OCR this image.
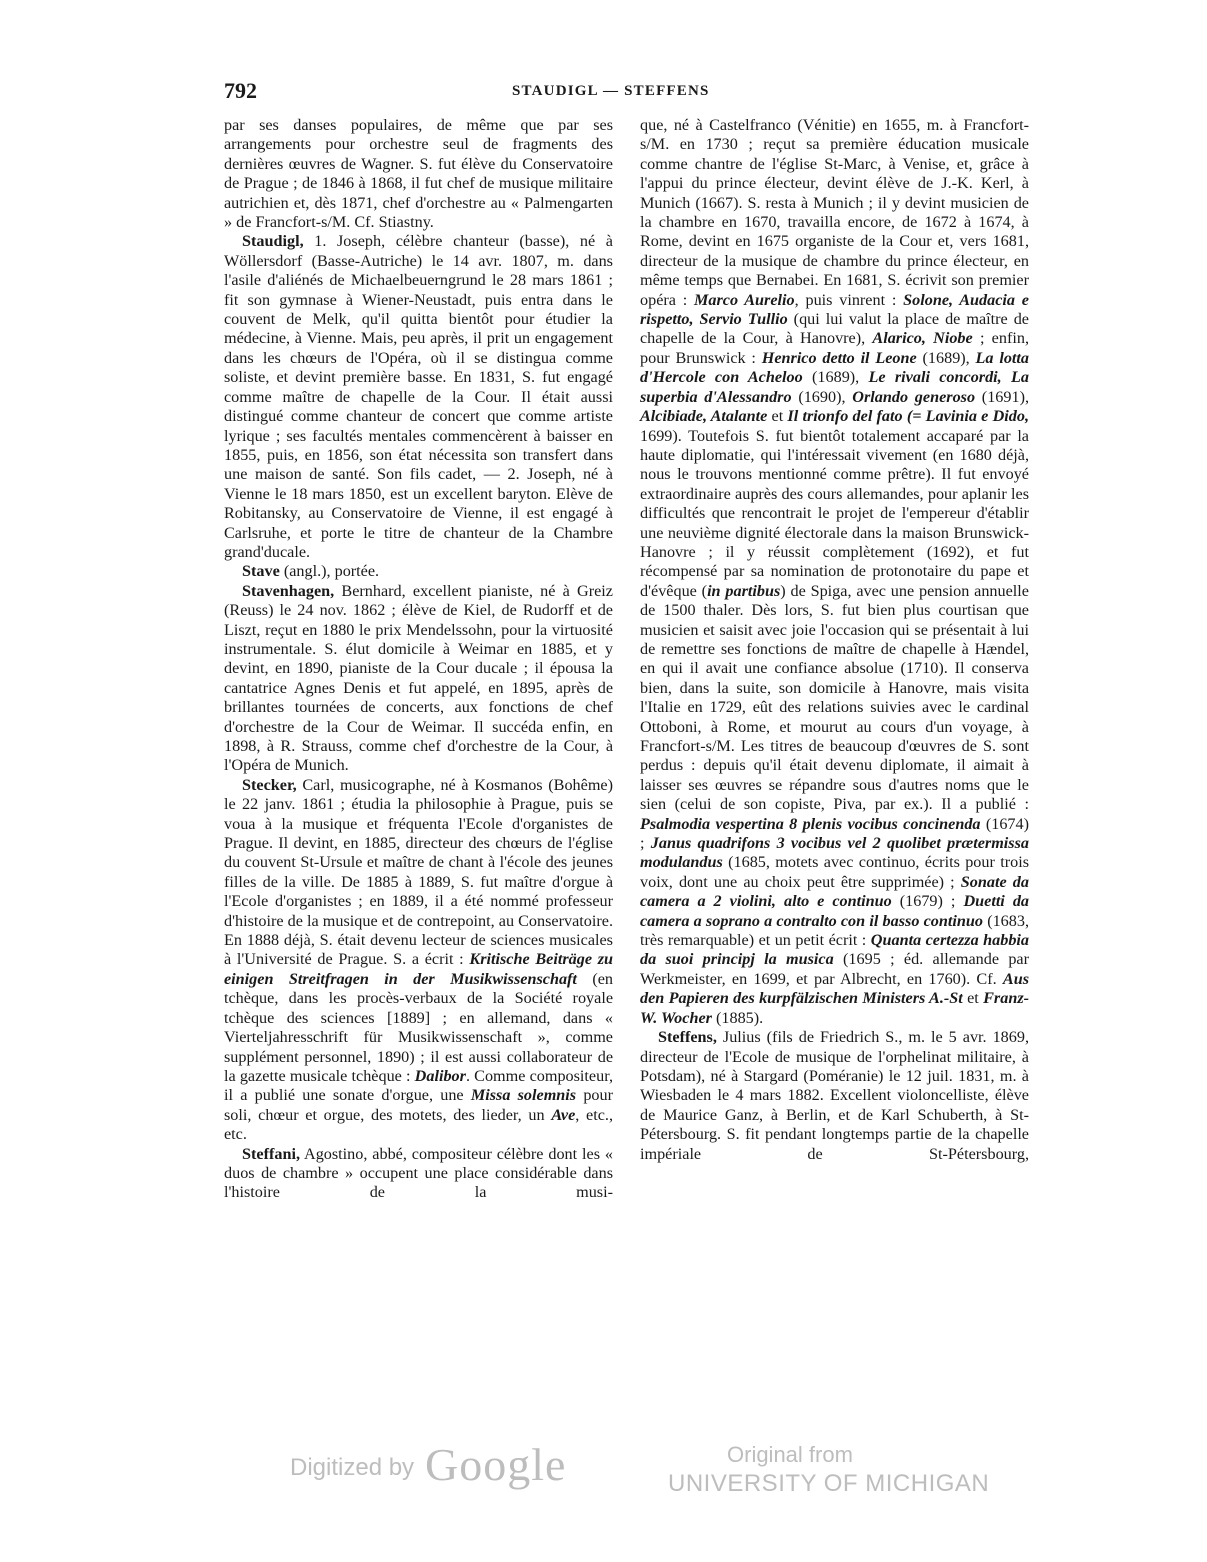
792	STAUDIGL — STEFFENS

par ses danses populaires, de même que par ses arrangements pour orchestre seul de fragments des dernières œuvres de Wagner. S. fut élève du Conservatoire de Prague ; de 1846 à 1868, il fut chef de musique militaire autrichien et, dès 1871, chef d'orchestre au « Palmengarten » de Francfort-s/M. Cf. Stiastny.

Staudigl, 1. Joseph, célèbre chanteur (basse), né à Wöllersdorf (Basse-Autriche) le 14 avr. 1807, m. dans l'asile d'aliénés de Michaelbeuerngrund le 28 mars 1861 ; fit son gymnase à Wiener-Neustadt, puis entra dans le couvent de Melk, qu'il quitta bientôt pour étudier la médecine, à Vienne. Mais, peu après, il prit un engagement dans les chœurs de l'Opéra, où il se distingua comme soliste, et devint première basse. En 1831, S. fut engagé comme maître de chapelle de la Cour. Il était aussi distingué comme chanteur de concert que comme artiste lyrique ; ses facultés mentales commencèrent à baisser en 1855, puis, en 1856, son état nécessita son transfert dans une maison de santé. Son fils cadet, — 2. Joseph, né à Vienne le 18 mars 1850, est un excellent baryton. Elève de Robitansky, au Conservatoire de Vienne, il est engagé à Carlsruhe, et porte le titre de chanteur de la Chambre grand'ducale.

Stave (angl.), portée.

Stavenhagen, Bernhard, excellent pianiste, né à Greiz (Reuss) le 24 nov. 1862 ; élève de Kiel, de Rudorff et de Liszt, reçut en 1880 le prix Mendelssohn, pour la virtuosité instrumentale. S. élut domicile à Weimar en 1885, et y devint, en 1890, pianiste de la Cour ducale ; il épousa la cantatrice Agnes Denis et fut appelé, en 1895, après de brillantes tournées de concerts, aux fonctions de chef d'orchestre de la Cour de Weimar. Il succéda enfin, en 1898, à R. Strauss, comme chef d'orchestre de la Cour, à l'Opéra de Munich.

Stecker, Carl, musicographe, né à Kosmanos (Bohême) le 22 janv. 1861 ; étudia la philosophie à Prague, puis se voua à la musique et fréquenta l'Ecole d'organistes de Prague. Il devint, en 1885, directeur des chœurs de l'église du couvent St-Ursule et maître de chant à l'école des jeunes filles de la ville. De 1885 à 1889, S. fut maître d'orgue à l'Ecole d'organistes ; en 1889, il a été nommé professeur d'histoire de la musique et de contrepoint, au Conservatoire. En 1888 déjà, S. était devenu lecteur de sciences musicales à l'Université de Prague. S. a écrit : Kritische Beiträge zu einigen Streitfragen in der Musikwissenschaft (en tchèque, dans les procès-verbaux de la Société royale tchèque des sciences [1889] ; en allemand, dans « Vierteljahresschrift für Musikwissenschaft », comme supplément personnel, 1890) ; il est aussi collaborateur de la gazette musicale tchèque : Dalibor. Comme compositeur, il a publié une sonate d'orgue, une Missa solemnis pour soli, chœur et orgue, des motets, des lieder, un Ave, etc., etc.

Steffani, Agostino, abbé, compositeur célèbre dont les « duos de chambre » occupent une place considérable dans l'histoire de la musi-

que, né à Castelfranco (Vénitie) en 1655, m. à Francfort-s/M. en 1730 ; reçut sa première éducation musicale comme chantre de l'église St-Marc, à Venise, et, grâce à l'appui du prince électeur, devint élève de J.-K. Kerl, à Munich (1667). S. resta à Munich ; il y devint musicien de la chambre en 1670, travailla encore, de 1672 à 1674, à Rome, devint en 1675 organiste de la Cour et, vers 1681, directeur de la musique de chambre du prince électeur, en même temps que Bernabei. En 1681, S. écrivit son premier opéra : Marco Aurelio, puis vinrent : Solone, Audacia e rispetto, Servio Tullio (qui lui valut la place de maître de chapelle de la Cour, à Hanovre), Alarico, Niobe ; enfin, pour Brunswick : Henrico detto il Leone (1689), La lotta d'Hercole con Acheloo (1689), Le rivali concordi, La superbia d'Alessandro (1690), Orlando generoso (1691), Alcibiade, Atalante et Il trionfo del fato (= Lavinia e Dido, 1699). Toutefois S. fut bientôt totalement accaparé par la haute diplomatie, qui l'intéressait vivement (en 1680 déjà, nous le trouvons mentionné comme prêtre). Il fut envoyé extraordinaire auprès des cours allemandes, pour aplanir les difficultés que rencontrait le projet de l'empereur d'établir une neuvième dignité électorale dans la maison Brunswick-Hanovre ; il y réussit complètement (1692), et fut récompensé par sa nomination de protonotaire du pape et d'évêque (in partibus) de Spiga, avec une pension annuelle de 1500 thaler. Dès lors, S. fut bien plus courtisan que musicien et saisit avec joie l'occasion qui se présentait à lui de remettre ses fonctions de maître de chapelle à Hændel, en qui il avait une confiance absolue (1710). Il conserva bien, dans la suite, son domicile à Hanovre, mais visita l'Italie en 1729, eût des relations suivies avec le cardinal Ottoboni, à Rome, et mourut au cours d'un voyage, à Francfort-s/M. Les titres de beaucoup d'œuvres de S. sont perdus : depuis qu'il était devenu diplomate, il aimait à laisser ses œuvres se répandre sous d'autres noms que le sien (celui de son copiste, Piva, par ex.). Il a publié : Psalmodia vespertina 8 plenis vocibus concinenda (1674) ; Janus quadrifons 3 vocibus vel 2 quolibet prætermissa modulandus (1685, motets avec continuo, écrits pour trois voix, dont une au choix peut être supprimée) ; Sonate da camera a 2 violini, alto e continuo (1679) ; Duetti da camera a soprano a contralto con il basso continuo (1683, très remarquable) et un petit écrit : Quanta certezza habbia da suoi principj la musica (1695 ; éd. allemande par Werkmeister, en 1699, et par Albrecht, en 1760). Cf. Aus den Papieren des kurpfälzischen Ministers A.-St et Franz-W. Wocher (1885).

Steffens, Julius (fils de Friedrich S., m. le 5 avr. 1869, directeur de l'Ecole de musique de l'orphelinat militaire, à Potsdam), né à Stargard (Poméranie) le 12 juil. 1831, m. à Wiesbaden le 4 mars 1882. Excellent violoncelliste, élève de Maurice Ganz, à Berlin, et de Karl Schuberth, à St-Pétersbourg. S. fit pendant longtemps partie de la chapelle impériale de St-Pétersbourg,

Digitized by Google	Original from
UNIVERSITY OF MICHIGAN
